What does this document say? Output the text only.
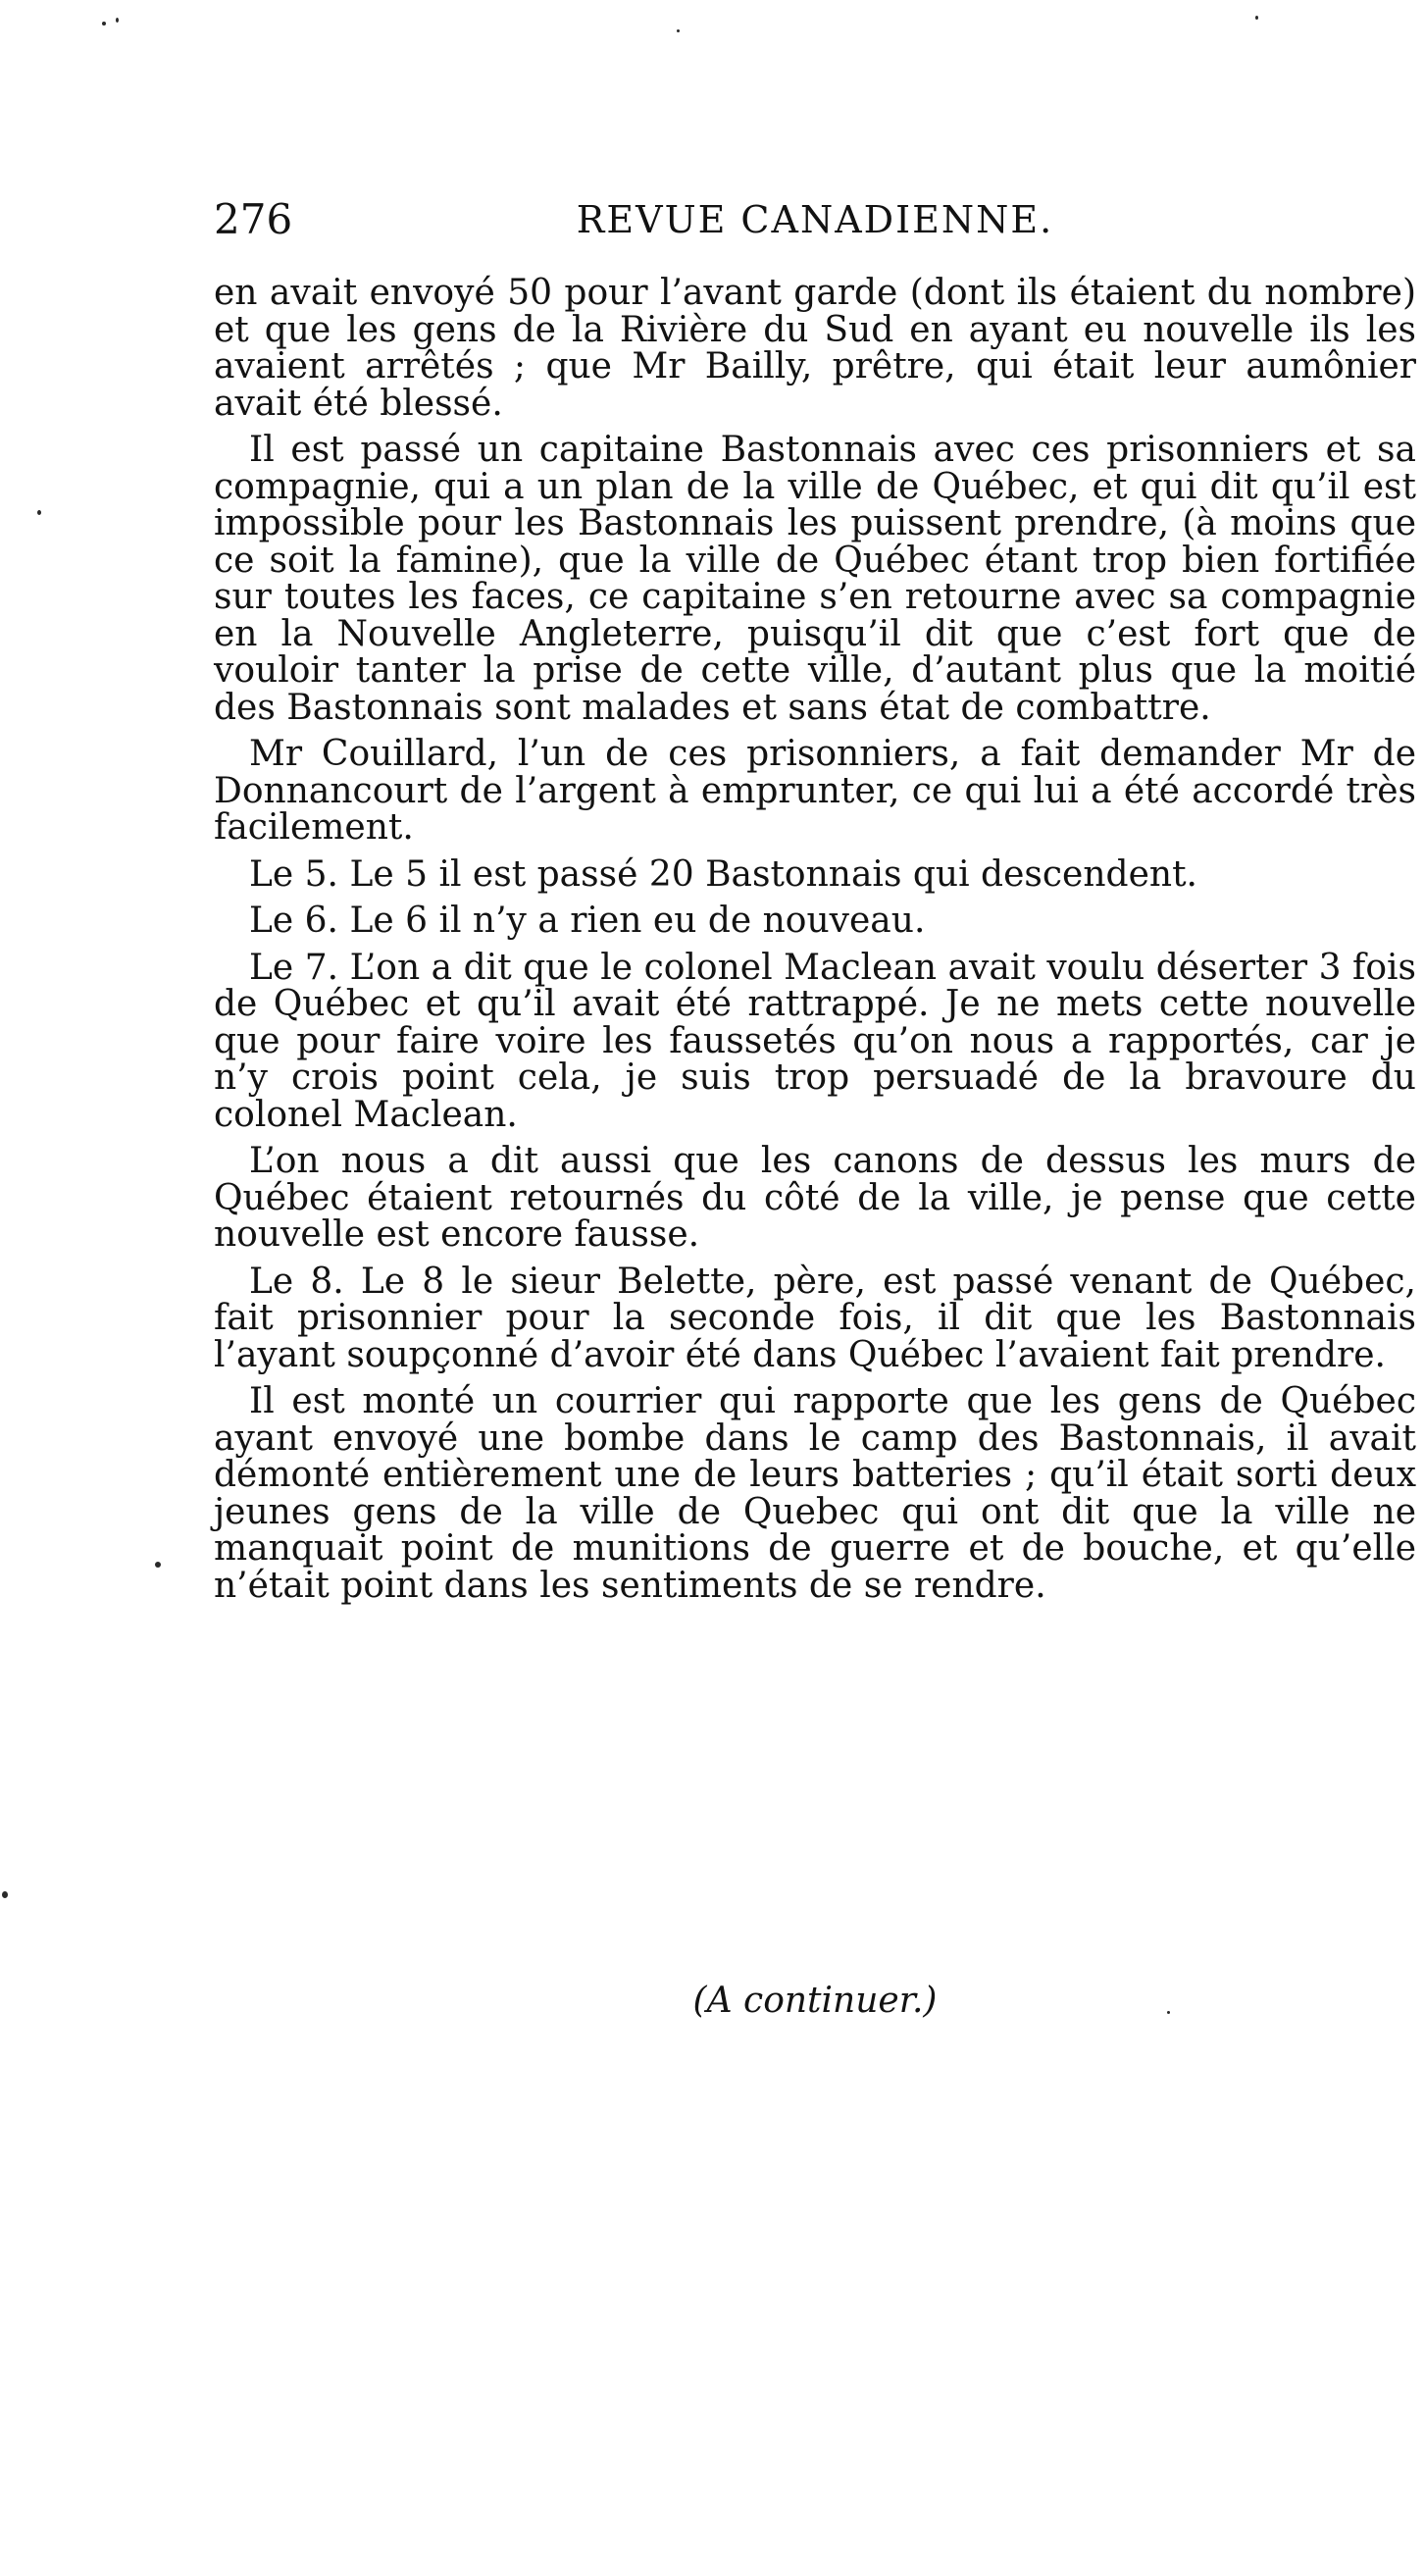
276	REVUE CANADIENNE.

en avait envoyé 50 pour l’avant garde (dont ils étaient du nombre) et que les gens de la Rivière du Sud en ayant eu nouvelle ils les avaient arrêtés ; que Mr Bailly, prêtre, qui était leur aumônier avait été blessé.

Il est passé un capitaine Bastonnais avec ces prisonniers et sa compagnie, qui a un plan de la ville de Québec, et qui dit qu’il est impossible pour les Bastonnais les puissent prendre, (à moins que ce soit la famine), que la ville de Québec étant trop bien fortifiée sur toutes les faces, ce capitaine s’en retourne avec sa compagnie en la Nouvelle Angleterre, puisqu’il dit que c’est fort que de vouloir tanter la prise de cette ville, d’autant plus que la moitié des Bastonnais sont malades et sans état de combattre.

Mr Couillard, l’un de ces prisonniers, a fait demander Mr de Donnancourt de l’argent à emprunter, ce qui lui a été accordé très facilement.

Le 5. Le 5 il est passé 20 Bastonnais qui descendent.

Le 6. Le 6 il n’y a rien eu de nouveau.

Le 7. L’on a dit que le colonel Maclean avait voulu déserter 3 fois de Québec et qu’il avait été rattrappé. Je ne mets cette nouvelle que pour faire voire les faussetés qu’on nous a rapportés, car je n’y crois point cela, je suis trop persuadé de la bravoure du colonel Maclean.

L’on nous a dit aussi que les canons de dessus les murs de Québec étaient retournés du côté de la ville, je pense que cette nouvelle est encore fausse.

Le 8. Le 8 le sieur Belette, père, est passé venant de Québec, fait prisonnier pour la seconde fois, il dit que les Bastonnais l’ayant soupçonné d’avoir été dans Québec l’avaient fait prendre.

Il est monté un courrier qui rapporte que les gens de Québec ayant envoyé une bombe dans le camp des Bastonnais, il avait démonté entièrement une de leurs batteries ; qu’il était sorti deux jeunes gens de la ville de Quebec qui ont dit que la ville ne manquait point de munitions de guerre et de bouche, et qu’elle n’était point dans les sentiments de se rendre.

(A continuer.)
